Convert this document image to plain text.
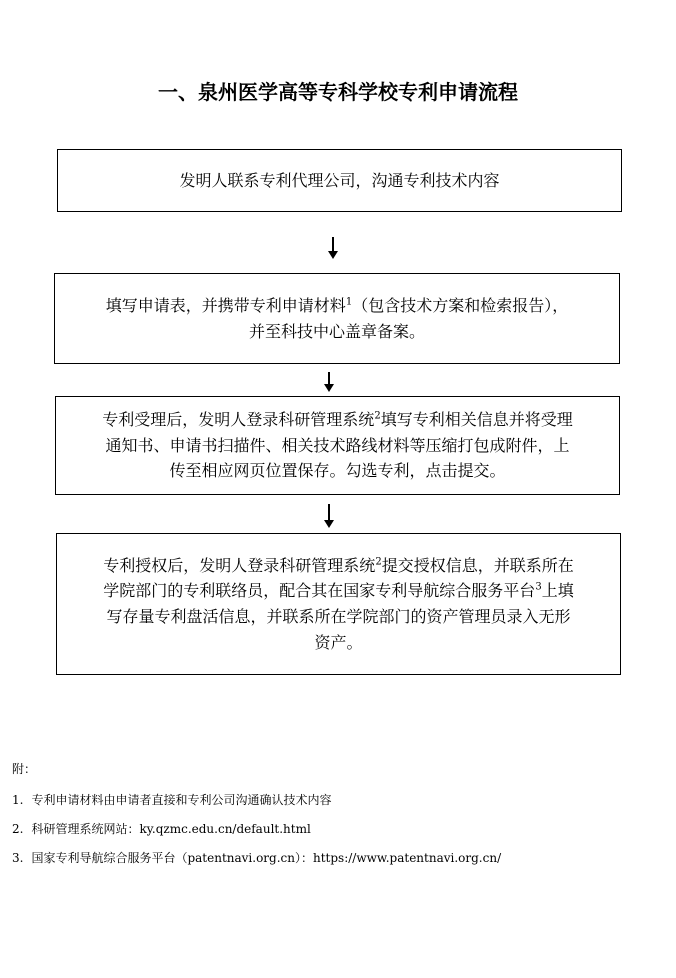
一、泉州医学高等专科学校专利申请流程

发明人联系专利代理公司，沟通专利技术内容

填写申请表，并携带专利申请材料$^1$（包含技术方案和检索报告），
并至科技中心盖章备案。

专利受理后，发明人登录科研管理系统$^2$填写专利相关信息并将受理
通知书、申请书扫描件、相关技术路线材料等压缩打包成附件，上
传至相应网页位置保存。勾选专利，点击提交。

专利授权后，发明人登录科研管理系统$^2$提交授权信息，并联系所在
学院部门的专利联络员，配合其在国家专利导航综合服务平台$^3$上填
写存量专利盘活信息，并联系所在学院部门的资产管理员录入无形
资产。

附：

1. 专利申请材料由申请者直接和专利公司沟通确认技术内容

2. 科研管理系统网站：ky.qzmc.edu.cn/default.html

3. 国家专利导航综合服务平台（patentnavi.org.cn）：https://www.patentnavi.org.cn/
